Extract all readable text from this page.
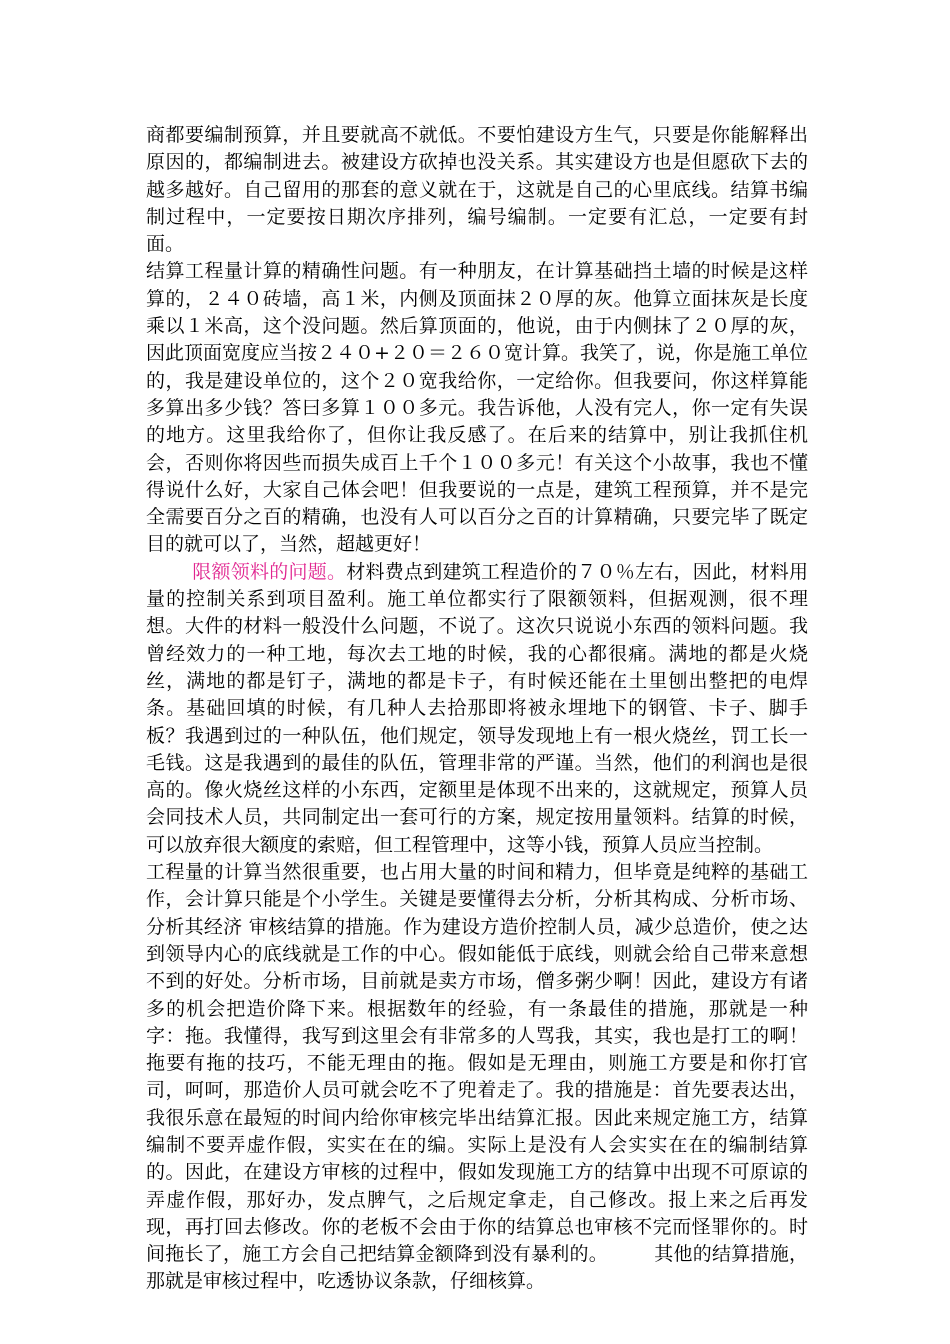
商都要编制预算，并且要就高不就低。不要怕建设方生气，只要是你能解释出原因的，都编制进去。被建设方砍掉也没关系。其实建设方也是但愿砍下去的越多越好。自己留用的那套的意义就在于，这就是自己的心里底线。结算书编制过程中，一定要按日期次序排列，编号编制。一定要有汇总，一定要有封面。

结算工程量计算的精确性问题。有一种朋友，在计算基础挡土墙的时候是这样算的，２４０砖墙，高１米，内侧及顶面抹２０厚的灰。他算立面抹灰是长度乘以１米高，这个没问题。然后算顶面的，他说，由于内侧抹了２０厚的灰，因此顶面宽度应当按２４０+２０＝２６０宽计算。我笑了，说，你是施工单位的，我是建设单位的，这个２０宽我给你，一定给你。但我要问，你这样算能多算出多少钱？答曰多算１００多元。我告诉他，人没有完人，你一定有失误的地方。这里我给你了，但你让我反感了。在后来的结算中，别让我抓住机会，否则你将因些而损失成百上千个１００多元！有关这个小故事，我也不懂得说什么好，大家自己体会吧！但我要说的一点是，建筑工程预算，并不是完全需要百分之百的精确，也没有人可以百分之百的计算精确，只要完毕了既定目的就可以了，当然，超越更好！

限额领料的问题。材料费点到建筑工程造价的７０％左右，因此，材料用量的控制关系到项目盈利。施工单位都实行了限额领料，但据观测，很不理想。大件的材料一般没什么问题，不说了。这次只说说小东西的领料问题。我曾经效力的一种工地，每次去工地的时候，我的心都很痛。满地的都是火烧丝，满地的都是钉子，满地的都是卡子，有时候还能在土里刨出整把的电焊条。基础回填的时候，有几种人去拾那即将被永埋地下的钢管、卡子、脚手板？我遇到过的一种队伍，他们规定，领导发现地上有一根火烧丝，罚工长一毛钱。这是我遇到的最佳的队伍，管理非常的严谨。当然，他们的利润也是很高的。像火烧丝这样的小东西，定额里是体现不出来的，这就规定，预算人员会同技术人员，共同制定出一套可行的方案，规定按用量领料。结算的时候，可以放弃很大额度的索赔，但工程管理中，这等小钱，预算人员应当控制。

工程量的计算当然很重要，也占用大量的时间和精力，但毕竟是纯粹的基础工作，会计算只能是个小学生。关键是要懂得去分析，分析其构成、分析市场、分析其经济 审核结算的措施。作为建设方造价控制人员，减少总造价，使之达到领导内心的底线就是工作的中心。假如能低于底线，则就会给自己带来意想不到的好处。分析市场，目前就是卖方市场，僧多粥少啊！因此，建设方有诸多的机会把造价降下来。根据数年的经验，有一条最佳的措施，那就是一种字：拖。我懂得，我写到这里会有非常多的人骂我，其实，我也是打工的啊！拖要有拖的技巧，不能无理由的拖。假如是无理由，则施工方要是和你打官司，呵呵，那造价人员可就会吃不了兜着走了。我的措施是：首先要表达出，我很乐意在最短的时间内给你审核完毕出结算汇报。因此来规定施工方，结算编制不要弄虚作假，实实在在的编。实际上是没有人会实实在在的编制结算的。因此，在建设方审核的过程中，假如发现施工方的结算中出现不可原谅的弄虚作假，那好办，发点脾气，之后规定拿走，自己修改。报上来之后再发现，再打回去修改。你的老板不会由于你的结算总也审核不完而怪罪你的。时间拖长了，施工方会自己把结算金额降到没有暴利的。 其他的结算措施，那就是审核过程中，吃透协议条款，仔细核算。
